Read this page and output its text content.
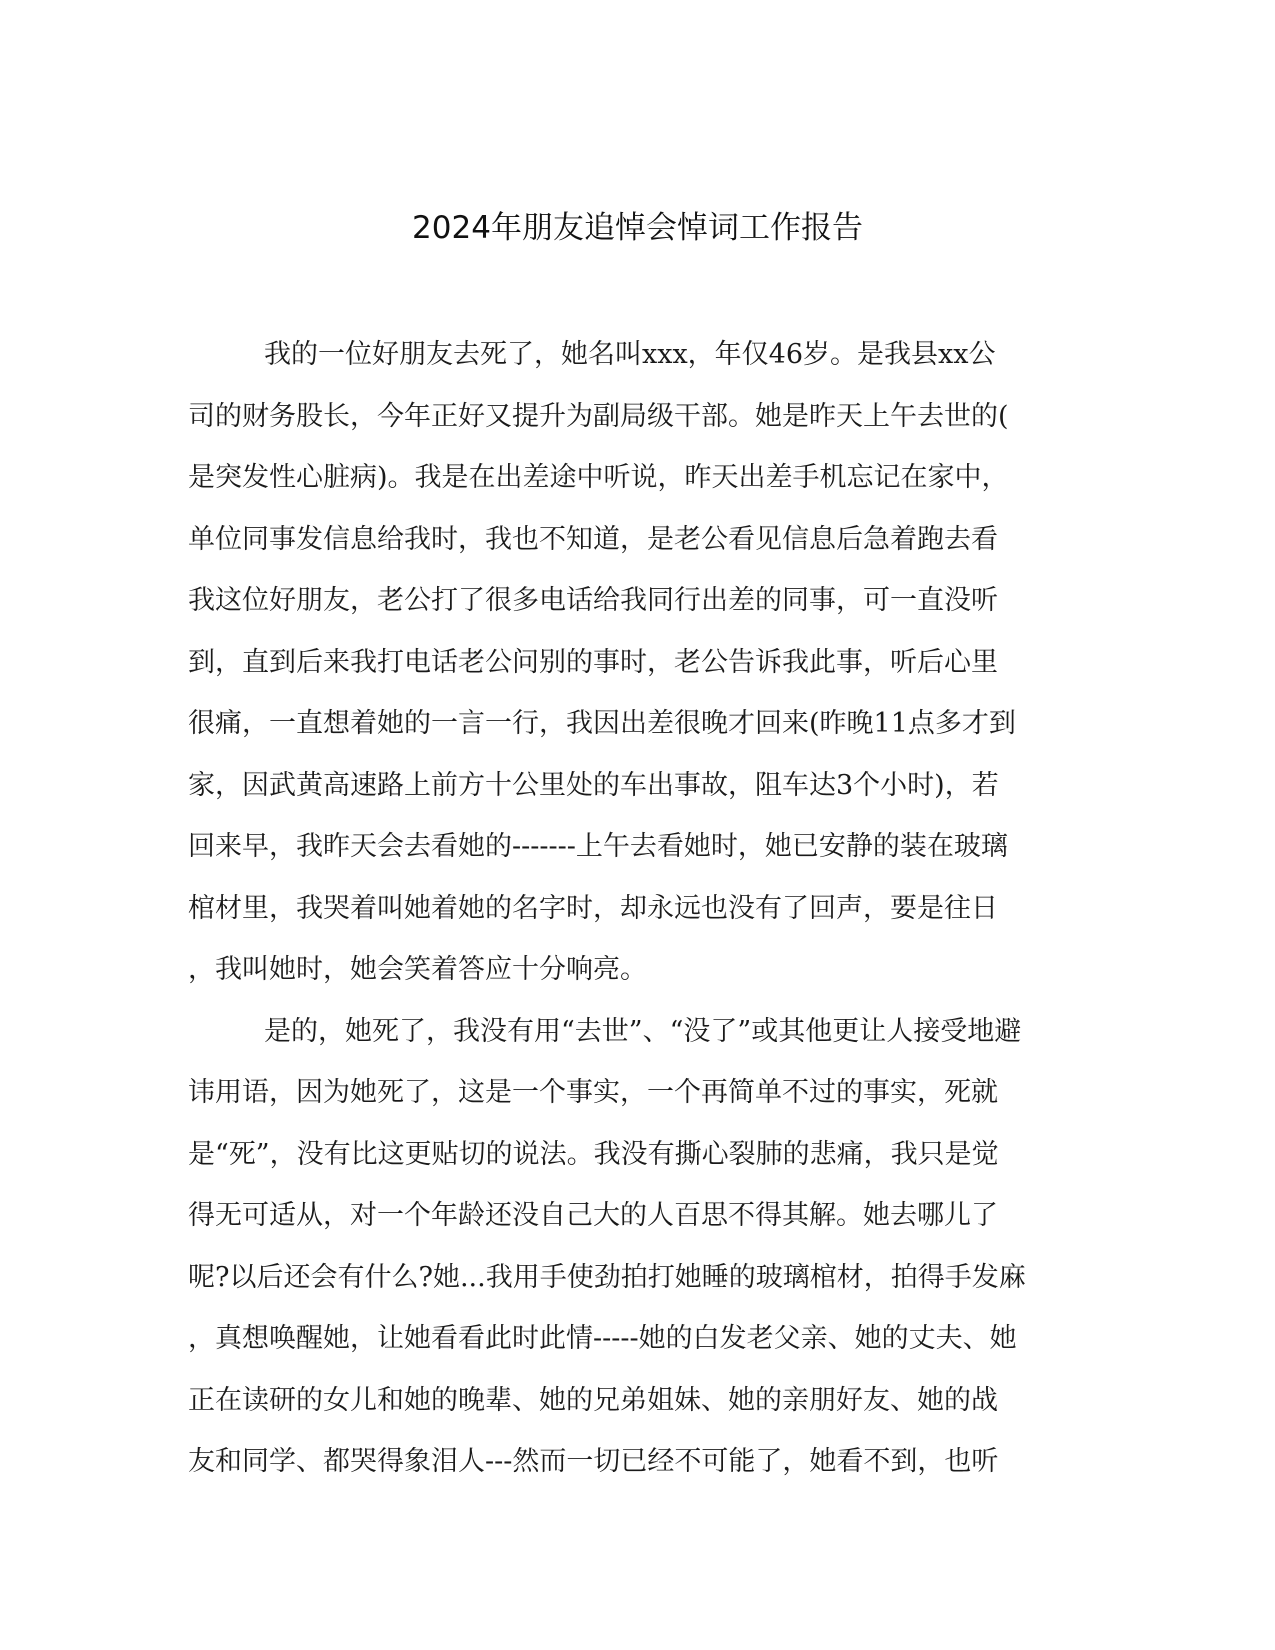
2024年朋友追悼会悼词工作报告
我的一位好朋友去死了，她名叫xxx，年仅46岁。是我县xx公
司的财务股长，今年正好又提升为副局级干部。她是昨天上午去世的(
是突发性心脏病)。我是在出差途中听说，昨天出差手机忘记在家中，
单位同事发信息给我时，我也不知道，是老公看见信息后急着跑去看
我这位好朋友，老公打了很多电话给我同行出差的同事，可一直没听
到，直到后来我打电话老公问别的事时，老公告诉我此事，听后心里
很痛，一直想着她的一言一行，我因出差很晚才回来(昨晚11点多才到
家，因武黄高速路上前方十公里处的车出事故，阻车达3个小时)，若
回来早，我昨天会去看她的-------上午去看她时，她已安静的装在玻璃
棺材里，我哭着叫她着她的名字时，却永远也没有了回声，要是往日
，我叫她时，她会笑着答应十分响亮。
是的，她死了，我没有用“去世”、“没了”或其他更让人接受地避
讳用语，因为她死了，这是一个事实，一个再简单不过的事实，死就
是“死”，没有比这更贴切的说法。我没有撕心裂肺的悲痛，我只是觉
得无可适从，对一个年龄还没自己大的人百思不得其解。她去哪儿了
呢?以后还会有什么?她...我用手使劲拍打她睡的玻璃棺材，拍得手发麻
，真想唤醒她，让她看看此时此情-----她的白发老父亲、她的丈夫、她
正在读研的女儿和她的晚辈、她的兄弟姐妹、她的亲朋好友、她的战
友和同学、都哭得象泪人---然而一切已经不可能了，她看不到，也听
